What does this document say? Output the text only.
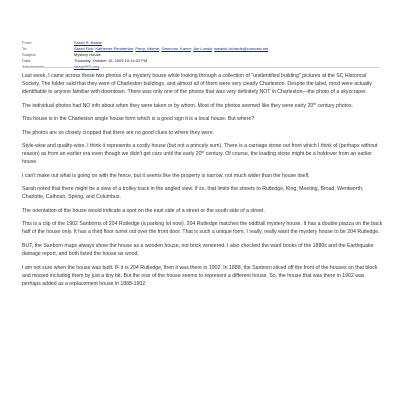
From:	Sarah R. Blaine
To:	Sarah Fick; Katherine Pemberton; Perry, Valerie; Simmons, Karen; Jim Lunski; wwalsh.richards@comcast.net
Subject:	Mystery House
Date:	Thursday, October 15, 2009 10:14:32 PM
Attachments:	image001.png

Last week, I came across these two photos of a mystery house while looking through a collection of "unidentified building" pictures at the SC Historical Society. The folder said that they were of Charleston buildings, and almost all of them were very clearly Charleston. Despite the label, most were actually identifiable to anyone familiar with downtown. There was only one of the photos that was very definitely NOT in Charleston—the photo of a skyscraper.

The individual photos had NO info about when they were taken or by whom. Most of the photos seemed like they were early 20th century photos.

This house is in the Charleston single house form which is a good sign it is a local house. But where?

The photos are so closely cropped that there are no good clues to where they were.

Style-wise and quality-wise, I think it represents a costly house (but not a princely sum). There is a carriage stone out front which I think of (perhaps without reason) as from an earlier era even though we didn't get cars until the early 20th century. Of course, the loading stone might be a holdover from an earlier house.

I can't make out what is going on with the fence, but it seems like the property is narrow, not much wider than the house itself.

Sarah noted that there might be a view of a trolley track in the angled view. If so, that limits the streets to Rutledge, King, Meeting, Broad, Wentworth, Charlotte, Calhoun, Spring, and Columbus.

The orientation of the house would indicate a spot on the east side of a street or the south side of a street.

This is a clip of the 1902 Sanborns of 204 Rutledge (a parking lot now). 204 Rutledge matches the oddball mystery house. It has a double piazza on the back half of the house only. It has a third floor turret out over the front door. That is such a unique form, I really, really want the mystery house to be 204 Rutledge.

BUT, the Sanborn maps always show the house as a wooden house, not brick veneered. I also checked the ward books of the 1880s and the Earthquake damage report, and both listed the house as wood.

I am not sure when the house was built. IF it is 204 Rutledge, then it was there in 1902. In 1888, the Sanborn sliced off the front of the houses on that block and missed including them by just a tiny bit. But the rear of the house seems to represent a different house. So, the house that was there in 1902 was perhaps added as a replacement house in 1888-1902.
